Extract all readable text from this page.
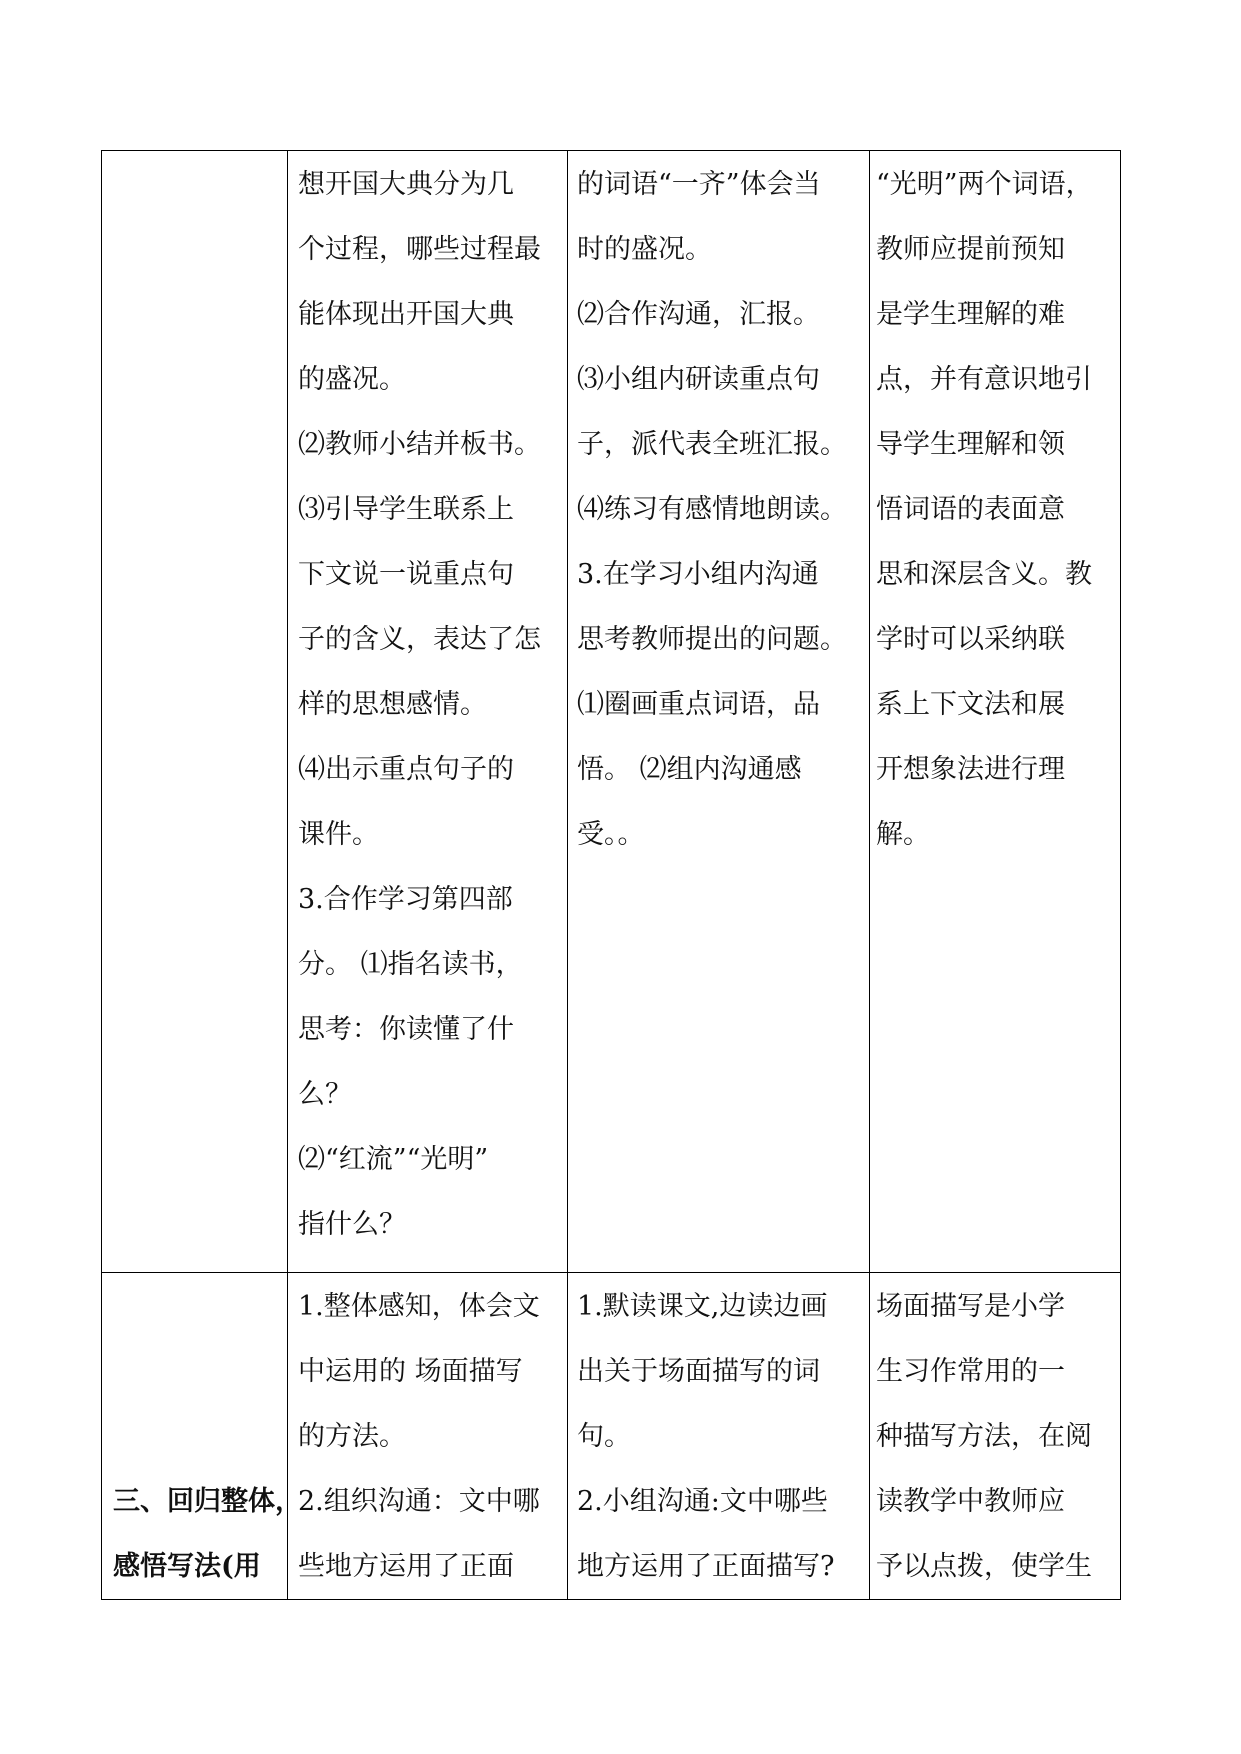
想开国大典分为几
个过程，哪些过程最
能体现出开国大典
的盛况。
⑵教师小结并板书。
⑶引导学生联系上
下文说一说重点句
子的含义，表达了怎
样的思想感情。
⑷出示重点句子的
课件。
3.合作学习第四部
分。 ⑴指名读书，
思考：你读懂了什
么？
⑵“红流”“光明”
指什么？
的词语“一齐”体会当
时的盛况。
⑵合作沟通，汇报。
⑶小组内研读重点句
子，派代表全班汇报。
⑷练习有感情地朗读。
3.在学习小组内沟通
思考教师提出的问题。
⑴圈画重点词语，品
悟。 ⑵组内沟通感
受。。
“光明”两个词语，
教师应提前预知
是学生理解的难
点，并有意识地引
导学生理解和领
悟词语的表面意
思和深层含义。教
学时可以采纳联
系上下文法和展
开想象法进行理
解。
三、回归整体，
感悟写法(用
1.整体感知，体会文
中运用的 场面描写
的方法。
2.组织沟通：文中哪
些地方运用了正面
1.默读课文,边读边画
出关于场面描写的词
句。
2.小组沟通:文中哪些
地方运用了正面描写?
场面描写是小学
生习作常用的一
种描写方法，在阅
读教学中教师应
予以点拨，使学生
